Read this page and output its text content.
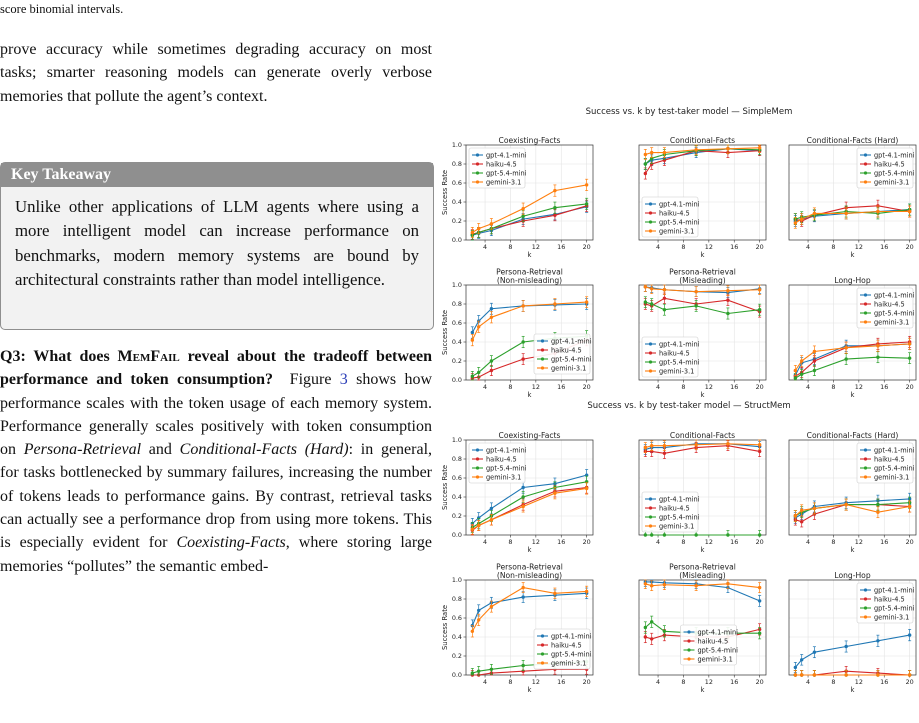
score binomial intervals.

prove accuracy while sometimes degrading accuracy on most tasks; smarter reasoning models can generate overly verbose memories that pollute the agent’s context.

Key Takeaway
Unlike other applications of LLM agents where using a more intelligent model can increase performance on benchmarks, modern memory systems are bound by architectural constraints rather than model intelligence.

Q3: What does MemFail reveal about the tradeoff between performance and token consumption? Figure 3 shows how performance scales with the token usage of each memory system. Performance generally scales positively with token consumption on Persona-Retrieval and Conditional-Facts (Hard): in general, for tasks bottlenecked by summary failures, increasing the number of tokens leads to performance gains. By contrast, retrieval tasks can actually see a performance drop from using more tokens. This is especially evident for Coexisting-Facts, where storing large memories “pollutes” the semantic embed-

Success vs. k by test-taker model — SimpleMem
Coexisting-Facts
4	8	12	16	20
k
0.0
0.2
0.4
0.6
0.8
1.0
Success Rate
gpt-4.1-mini
haiku-4.5
gpt-5.4-mini
gemini-3.1
Conditional-Facts
4	8	12	16	20
k
gpt-4.1-mini
haiku-4.5
gpt-5.4-mini
gemini-3.1
Conditional-Facts (Hard)
4	8	12	16	20
k
gpt-4.1-mini
haiku-4.5
gpt-5.4-mini
gemini-3.1
Persona-Retrieval
(Non-misleading)
4	8	12	16	20
k
0.0
0.2
0.4
0.6
0.8
1.0
Success Rate	gpt-4.1-mini
haiku-4.5
gpt-5.4-mini
gemini-3.1
Persona-Retrieval
(Misleading)
4	8	12	16	20
k
gpt-4.1-mini
haiku-4.5
gpt-5.4-mini
gemini-3.1
Long-Hop
4	8	12	16	20
k
gpt-4.1-mini
haiku-4.5
gpt-5.4-mini
gemini-3.1
Success vs. k by test-taker model — StructMem
Coexisting-Facts
4	8	12	16	20
k
0.0
0.2
0.4
0.6
0.8
1.0
Success Rate
gpt-4.1-mini
haiku-4.5
gpt-5.4-mini
gemini-3.1
Conditional-Facts
4	8	12	16	20
k
gpt-4.1-mini
haiku-4.5
gpt-5.4-mini
gemini-3.1
Conditional-Facts (Hard)
4	8	12	16	20
k
gpt-4.1-mini
haiku-4.5
gpt-5.4-mini
gemini-3.1
Persona-Retrieval
(Non-misleading)
4	8	12	16	20
k
0.0
0.2
0.4
0.6
0.8
1.0
Success Rate	gpt-4.1-mini
haiku-4.5
gpt-5.4-mini
gemini-3.1
Persona-Retrieval
(Misleading)
4	8	12	16	20
k
gpt-4.1-mini
haiku-4.5
gpt-5.4-mini
gemini-3.1
Long-Hop
4	8	12	16	20
k
gpt-4.1-mini
haiku-4.5
gpt-5.4-mini
gemini-3.1
